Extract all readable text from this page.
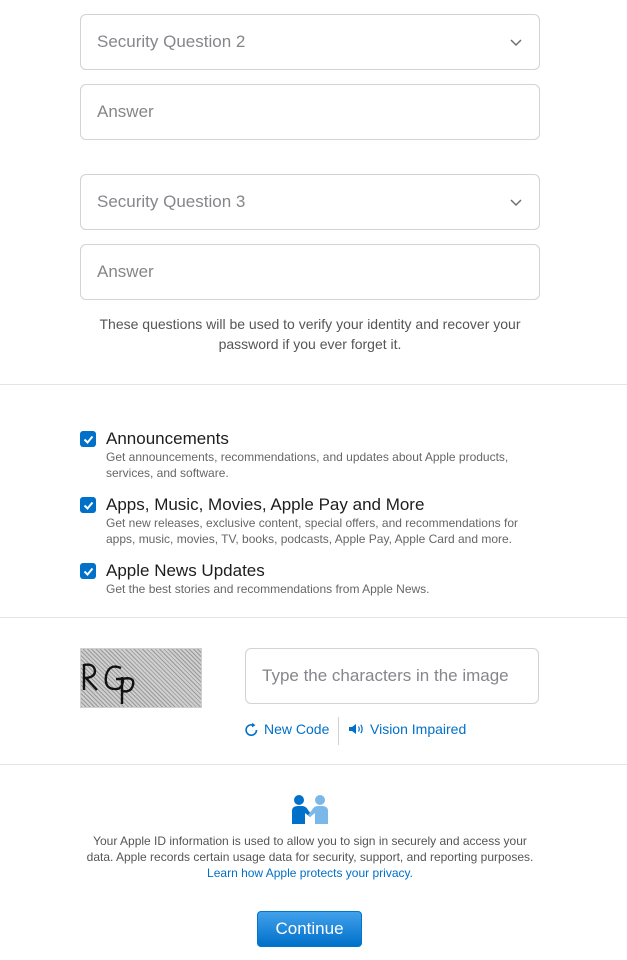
Security Question 2
Answer
Security Question 3
Answer
These questions will be used to verify your identity and recover your password if you ever forget it.
Announcements
Get announcements, recommendations, and updates about Apple products, services, and software.
Apps, Music, Movies, Apple Pay and More
Get new releases, exclusive content, special offers, and recommendations for apps, music, movies, TV, books, podcasts, Apple Pay, Apple Card and more.
Apple News Updates
Get the best stories and recommendations from Apple News.
Type the characters in the image
New Code	Vision Impaired
Your Apple ID information is used to allow you to sign in securely and access your data. Apple records certain usage data for security, support, and reporting purposes. Learn how Apple protects your privacy.
Continue
